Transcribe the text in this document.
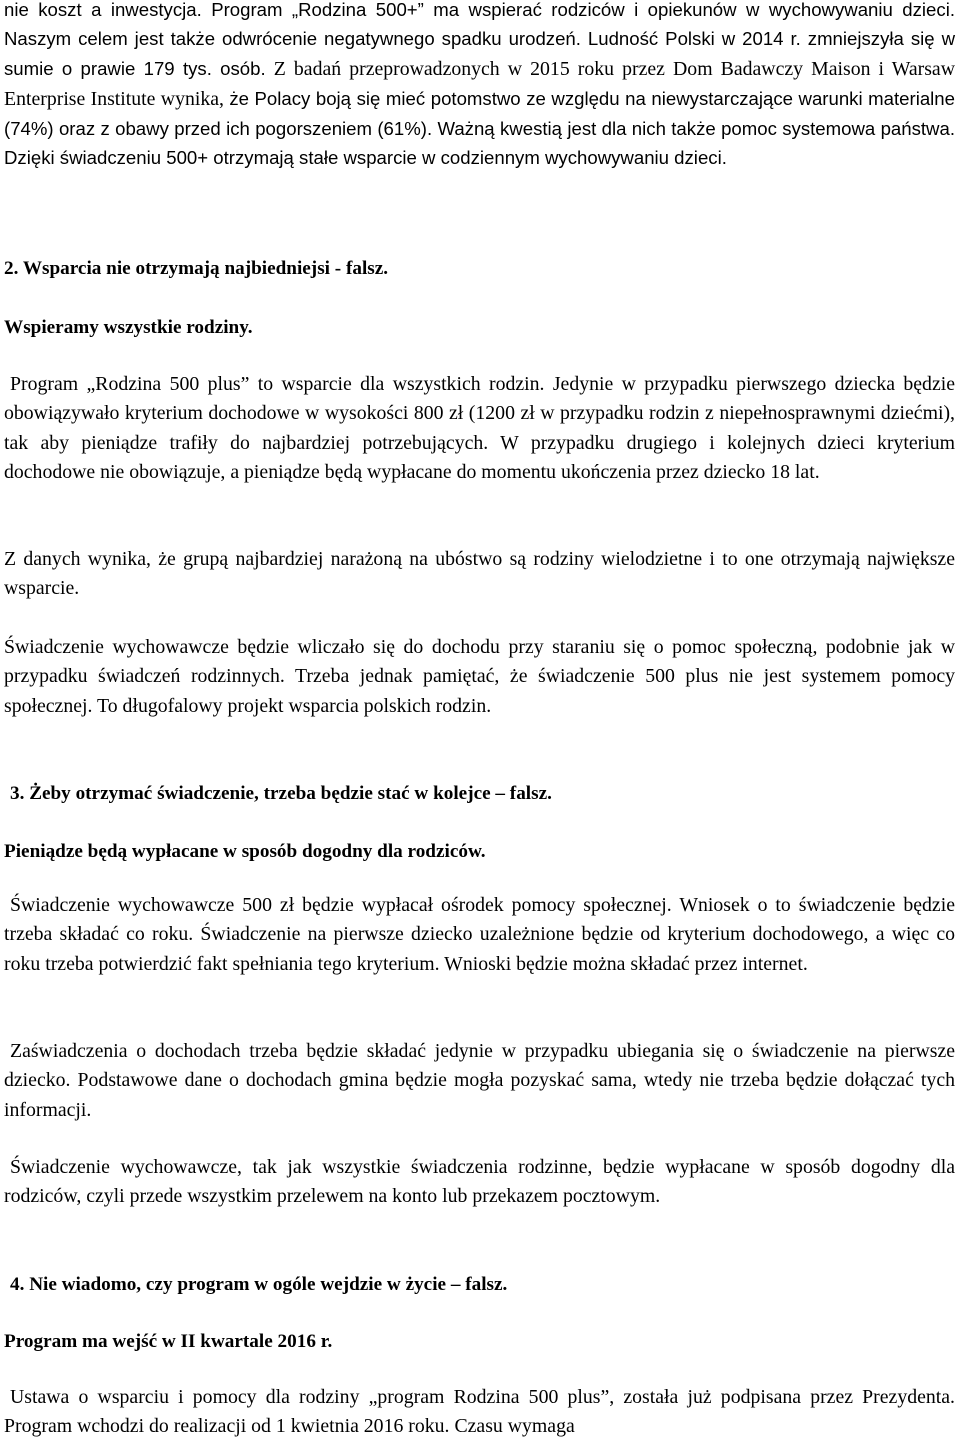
nie koszt a inwestycja. Program „Rodzina 500+” ma wspierać rodziców i opiekunów w wychowywaniu dzieci. Naszym celem jest także odwrócenie negatywnego spadku urodzeń. Ludność Polski w 2014 r. zmniejszyła się w sumie o prawie 179 tys. osób. Z badań przeprowadzonych w 2015 roku przez Dom Badawczy Maison i Warsaw Enterprise Institute wynika, że Polacy boją się mieć potomstwo ze względu na niewystarczające warunki materialne (74%) oraz z obawy przed ich pogorszeniem (61%). Ważną kwestią jest dla nich także pomoc systemowa państwa. Dzięki świadczeniu 500+ otrzymają stałe wsparcie w codziennym wychowywaniu dzieci.

2. Wsparcia nie otrzymają najbiedniejsi - falsz.

Wspieramy wszystkie rodziny.

Program „Rodzina 500 plus” to wsparcie dla wszystkich rodzin. Jedynie w przypadku pierwszego dziecka będzie obowiązywało kryterium dochodowe w wysokości 800 zł (1200 zł w przypadku rodzin z niepełnosprawnymi dziećmi), tak aby pieniądze trafiły do najbardziej potrzebujących. W przypadku drugiego i kolejnych dzieci kryterium dochodowe nie obowiązuje, a pieniądze będą wypłacane do momentu ukończenia przez dziecko 18 lat.

Z danych wynika, że grupą najbardziej narażoną na ubóstwo są rodziny wielodzietne i to one otrzymają największe wsparcie.

Świadczenie wychowawcze będzie wliczało się do dochodu przy staraniu się o pomoc społeczną, podobnie jak w przypadku świadczeń rodzinnych. Trzeba jednak pamiętać, że świadczenie 500 plus nie jest systemem pomocy społecznej. To długofalowy projekt wsparcia polskich rodzin.

3. Żeby otrzymać świadczenie, trzeba będzie stać w kolejce – falsz.

Pieniądze będą wypłacane w sposób dogodny dla rodziców.

Świadczenie wychowawcze 500 zł będzie wypłacał ośrodek pomocy społecznej. Wniosek o to świadczenie będzie trzeba składać co roku. Świadczenie na pierwsze dziecko uzależnione będzie od kryterium dochodowego, a więc co roku trzeba potwierdzić fakt spełniania tego kryterium. Wnioski będzie można składać przez internet.

Zaświadczenia o dochodach trzeba będzie składać jedynie w przypadku ubiegania się o świadczenie na pierwsze dziecko. Podstawowe dane o dochodach gmina będzie mogła pozyskać sama, wtedy nie trzeba będzie dołączać tych informacji.

Świadczenie wychowawcze, tak jak wszystkie świadczenia rodzinne, będzie wypłacane w sposób dogodny dla rodziców, czyli przede wszystkim przelewem na konto lub przekazem pocztowym.

4. Nie wiadomo, czy program w ogóle wejdzie w życie – falsz.

Program ma wejść w II kwartale 2016 r.

Ustawa o wsparciu i pomocy dla rodziny „program Rodzina 500 plus”, została już podpisana przez Prezydenta. Program wchodzi do realizacji od 1 kwietnia 2016 roku. Czasu wymaga
